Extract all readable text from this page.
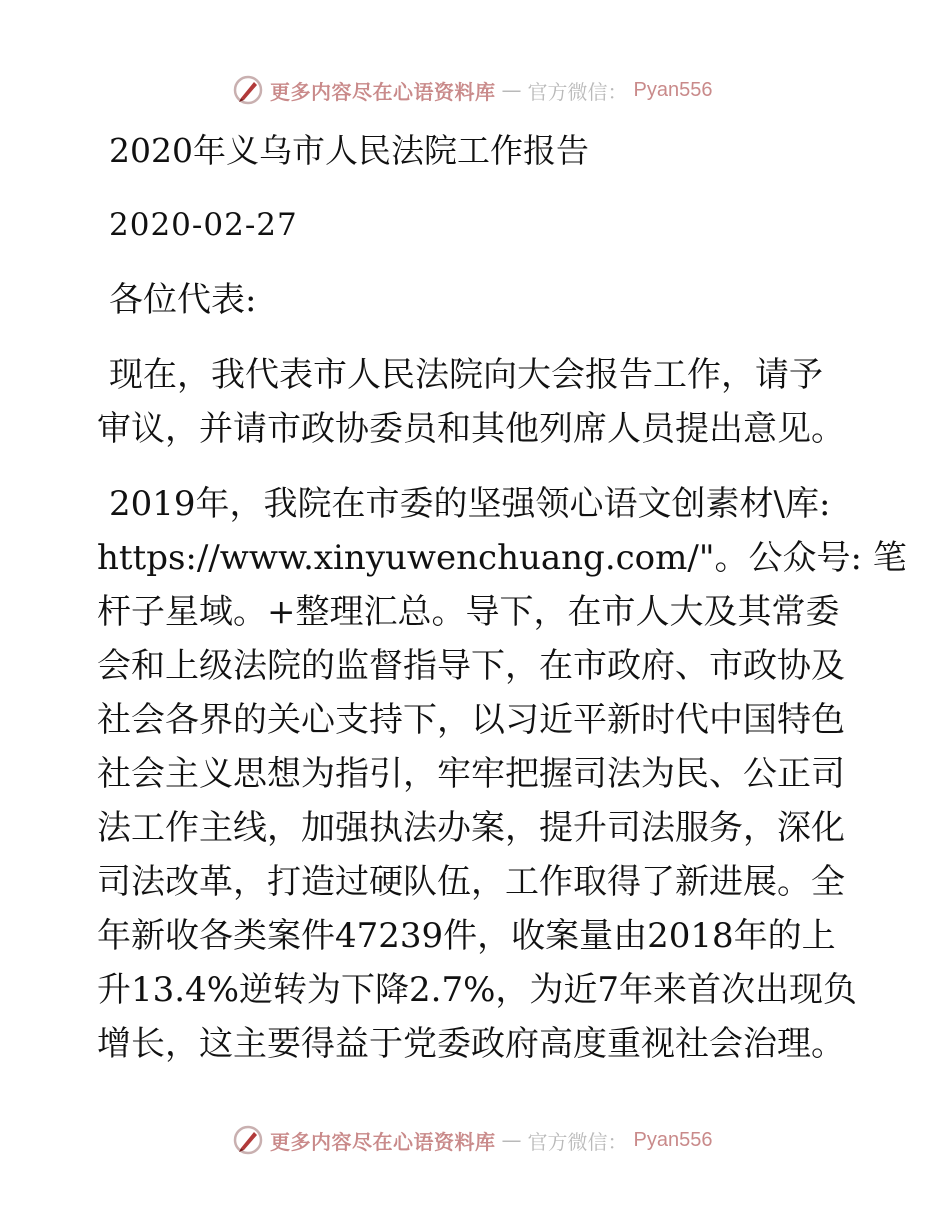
更多内容尽在心语资料库 — 官方微信： Pyan556
2020年义乌市人民法院工作报告
2020-02-27
各位代表:
现在，我代表市人民法院向大会报告工作，请予
审议，并请市政协委员和其他列席人员提出意见。
2019年，我院在市委的坚强领心语文创素材\库:
https://www.xinyuwenchuang.com/"。公众号: 笔
杆子星域。+整理汇总。导下，在市人大及其常委
会和上级法院的监督指导下，在市政府、市政协及
社会各界的关心支持下，以习近平新时代中国特色
社会主义思想为指引，牢牢把握司法为民、公正司
法工作主线，加强执法办案，提升司法服务，深化
司法改革，打造过硬队伍，工作取得了新进展。全
年新收各类案件47239件，收案量由2018年的上
升13.4%逆转为下降2.7%，为近7年来首次出现负
增长，这主要得益于党委政府高度重视社会治理。
更多内容尽在心语资料库 — 官方微信： Pyan556
